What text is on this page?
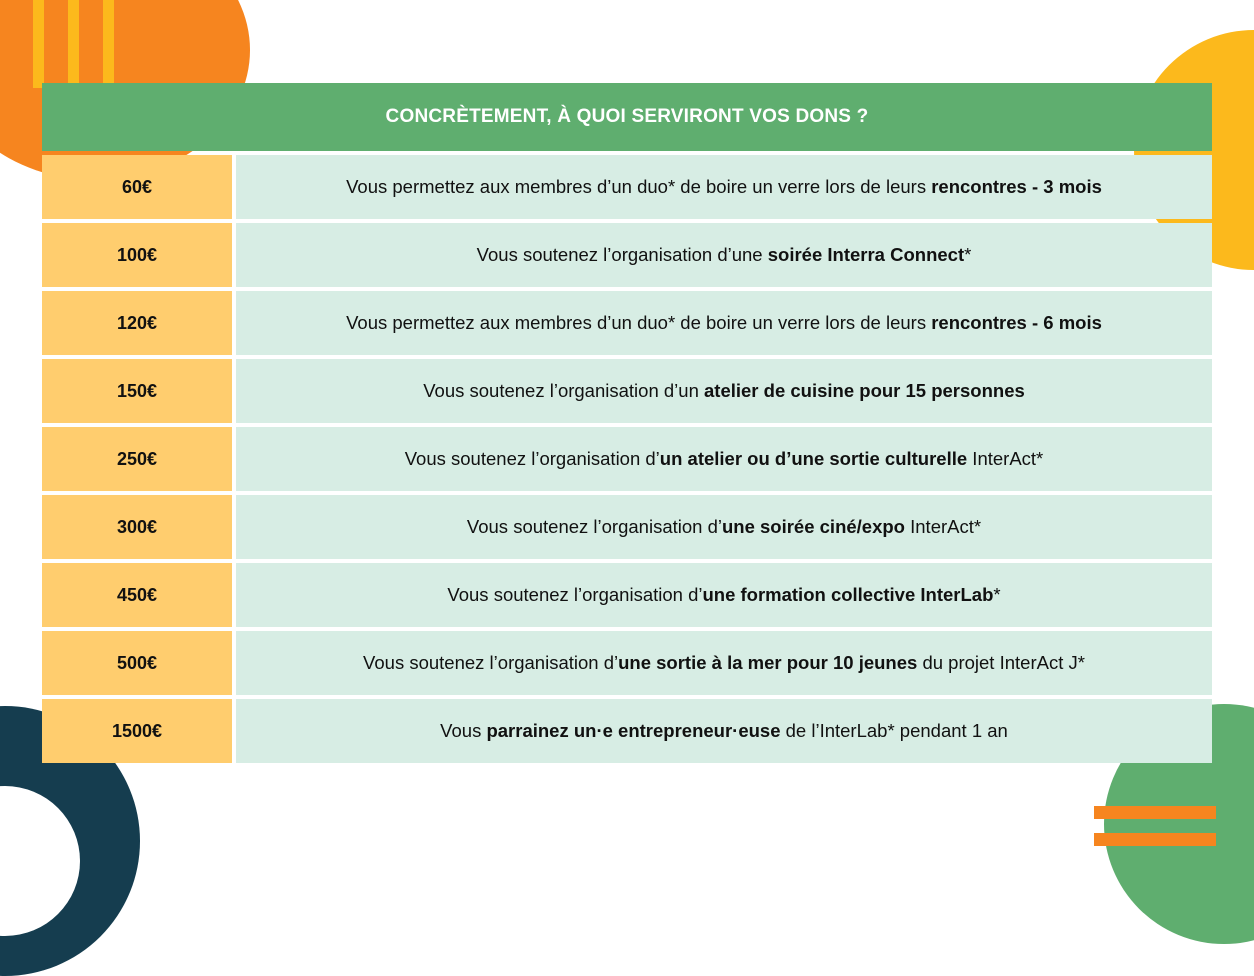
CONCRÈTEMENT, À QUOI SERVIRONT VOS DONS ?
60€	Vous permettez aux membres d’un duo* de boire un verre lors de leurs rencontres - 3 mois
100€	Vous soutenez l’organisation d’une soirée Interra Connect *
120€	Vous permettez aux membres d’un duo* de boire un verre lors de leurs rencontres - 6 mois
150€	Vous soutenez l’organisation d’un atelier de cuisine pour 15 personnes
250€	Vous soutenez l’organisation d’ un atelier ou d’une sortie culturelle InterAct*
300€	Vous soutenez l’organisation d’ une soirée ciné/expo InterAct*
450€	Vous soutenez l’organisation d’ une formation collective InterLab *
500€	Vous soutenez l’organisation d’ une sortie à la mer pour 10 jeunes du projet InterAct J*
1500€	Vous parrainez un·e entrepreneur·euse de l’InterLab* pendant 1 an
